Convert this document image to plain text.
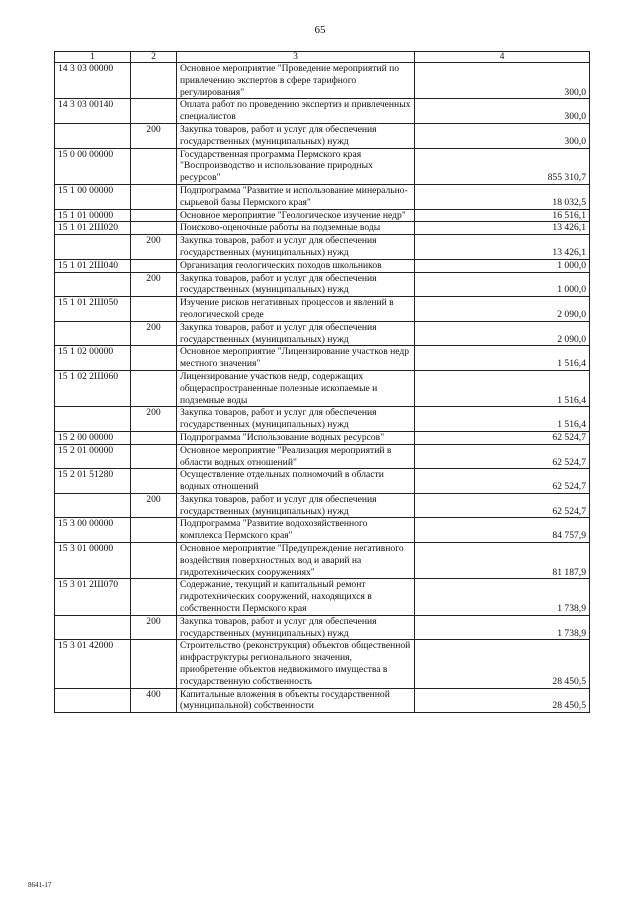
65
1	2	3	4
14 3 03 00000		Основное мероприятие "Проведение мероприятий по привлечению экспертов в сфере тарифного регулирования"	300,0
14 3 03 00140		Оплата работ по проведению экспертиз и привлеченных специалистов	300,0
	200	Закупка товаров, работ и услуг для обеспечения государственных (муниципальных) нужд	300,0
15 0 00 00000		Государственная программа Пермского края "Воспроизводство и использование природных ресурсов"	855 310,7
15 1 00 00000		Подпрограмма "Развитие и использование минерально-сырьевой базы Пермского края"	18 032,5
15 1 01 00000		Основное мероприятие "Геологическое изучение недр"	16 516,1
15 1 01 2Ш020		Поисково-оценочные работы на подземные воды	13 426,1
	200	Закупка товаров, работ и услуг для обеспечения государственных (муниципальных) нужд	13 426,1
15 1 01 2Ш040		Организация геологических походов школьников	1 000,0
	200	Закупка товаров, работ и услуг для обеспечения государственных (муниципальных) нужд	1 000,0
15 1 01 2Ш050		Изучение рисков негативных процессов и явлений в геологической среде	2 090,0
	200	Закупка товаров, работ и услуг для обеспечения государственных (муниципальных) нужд	2 090,0
15 1 02 00000		Основное мероприятие "Лицензирование участков недр местного значения"	1 516,4
15 1 02 2Ш060		Лицензирование участков недр, содержащих общераспространенные полезные ископаемые и подземные воды	1 516,4
	200	Закупка товаров, работ и услуг для обеспечения государственных (муниципальных) нужд	1 516,4
15 2 00 00000		Подпрограмма "Использование водных ресурсов"	62 524,7
15 2 01 00000		Основное мероприятие "Реализация мероприятий в области водных отношений"	62 524,7
15 2 01 51280		Осуществление отдельных полномочий в области водных отношений	62 524,7
	200	Закупка товаров, работ и услуг для обеспечения государственных (муниципальных) нужд	62 524,7
15 3 00 00000		Подпрограмма "Развитие водохозяйственного комплекса Пермского края"	84 757,9
15 3 01 00000		Основное мероприятие "Предупреждение негативного воздействия поверхностных вод и аварий на гидротехнических сооружениях"	81 187,9
15 3 01 2Ш070		Содержание, текущий и капитальный ремонт гидротехнических сооружений, находящихся в собственности Пермского края	1 738,9
	200	Закупка товаров, работ и услуг для обеспечения государственных (муниципальных) нужд	1 738,9
15 3 01 42000		Строительство (реконструкция) объектов общественной инфраструктуры регионального значения, приобретение объектов недвижимого имущества в государственную собственность	28 450,5
	400	Капитальные вложения в объекты государственной (муниципальной) собственности	28 450,5
8641-17
